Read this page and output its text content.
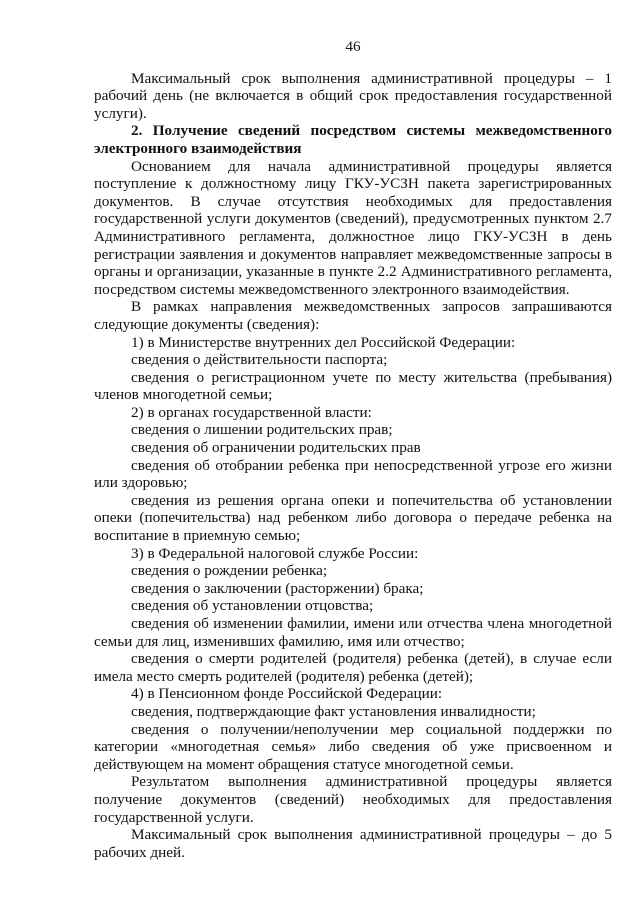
46

Максимальный срок выполнения административной процедуры – 1 рабочий день (не включается в общий срок предоставления государственной услуги).

2. Получение сведений посредством системы межведомственного электронного взаимодействия

Основанием для начала административной процедуры является поступление к должностному лицу ГКУ-УСЗН пакета зарегистрированных документов. В случае отсутствия необходимых для предоставления государственной услуги документов (сведений), предусмотренных пунктом 2.7 Административного регламента, должностное лицо ГКУ-УСЗН в день регистрации заявления и документов направляет межведомственные запросы в органы и организации, указанные в пункте 2.2 Административного регламента, посредством системы межведомственного электронного взаимодействия.

В рамках направления межведомственных запросов запрашиваются следующие документы (сведения):

1) в Министерстве внутренних дел Российской Федерации:

сведения о действительности паспорта;

сведения о регистрационном учете по месту жительства (пребывания) членов многодетной семьи;

2) в органах государственной власти:

сведения о лишении родительских прав;

сведения об ограничении родительских прав

сведения об отобрании ребенка при непосредственной угрозе его жизни или здоровью;

сведения из решения органа опеки и попечительства об установлении опеки (попечительства) над ребенком либо договора о передаче ребенка на воспитание в приемную семью;

3) в Федеральной налоговой службе России:

сведения о рождении ребенка;

сведения о заключении (расторжении) брака;

сведения об установлении отцовства;

сведения об изменении фамилии, имени или отчества члена многодетной семьи для лиц, изменивших фамилию, имя или отчество;

сведения о смерти родителей (родителя) ребенка (детей), в случае если имела место смерть родителей (родителя) ребенка (детей);

4) в Пенсионном фонде Российской Федерации:

сведения, подтверждающие факт установления инвалидности;

сведения о получении/неполучении мер социальной поддержки по категории «многодетная семья» либо сведения об уже присвоенном и действующем на момент обращения статусе многодетной семьи.

Результатом выполнения административной процедуры является получение документов (сведений) необходимых для предоставления государственной услуги.

Максимальный срок выполнения административной процедуры – до 5 рабочих дней.
